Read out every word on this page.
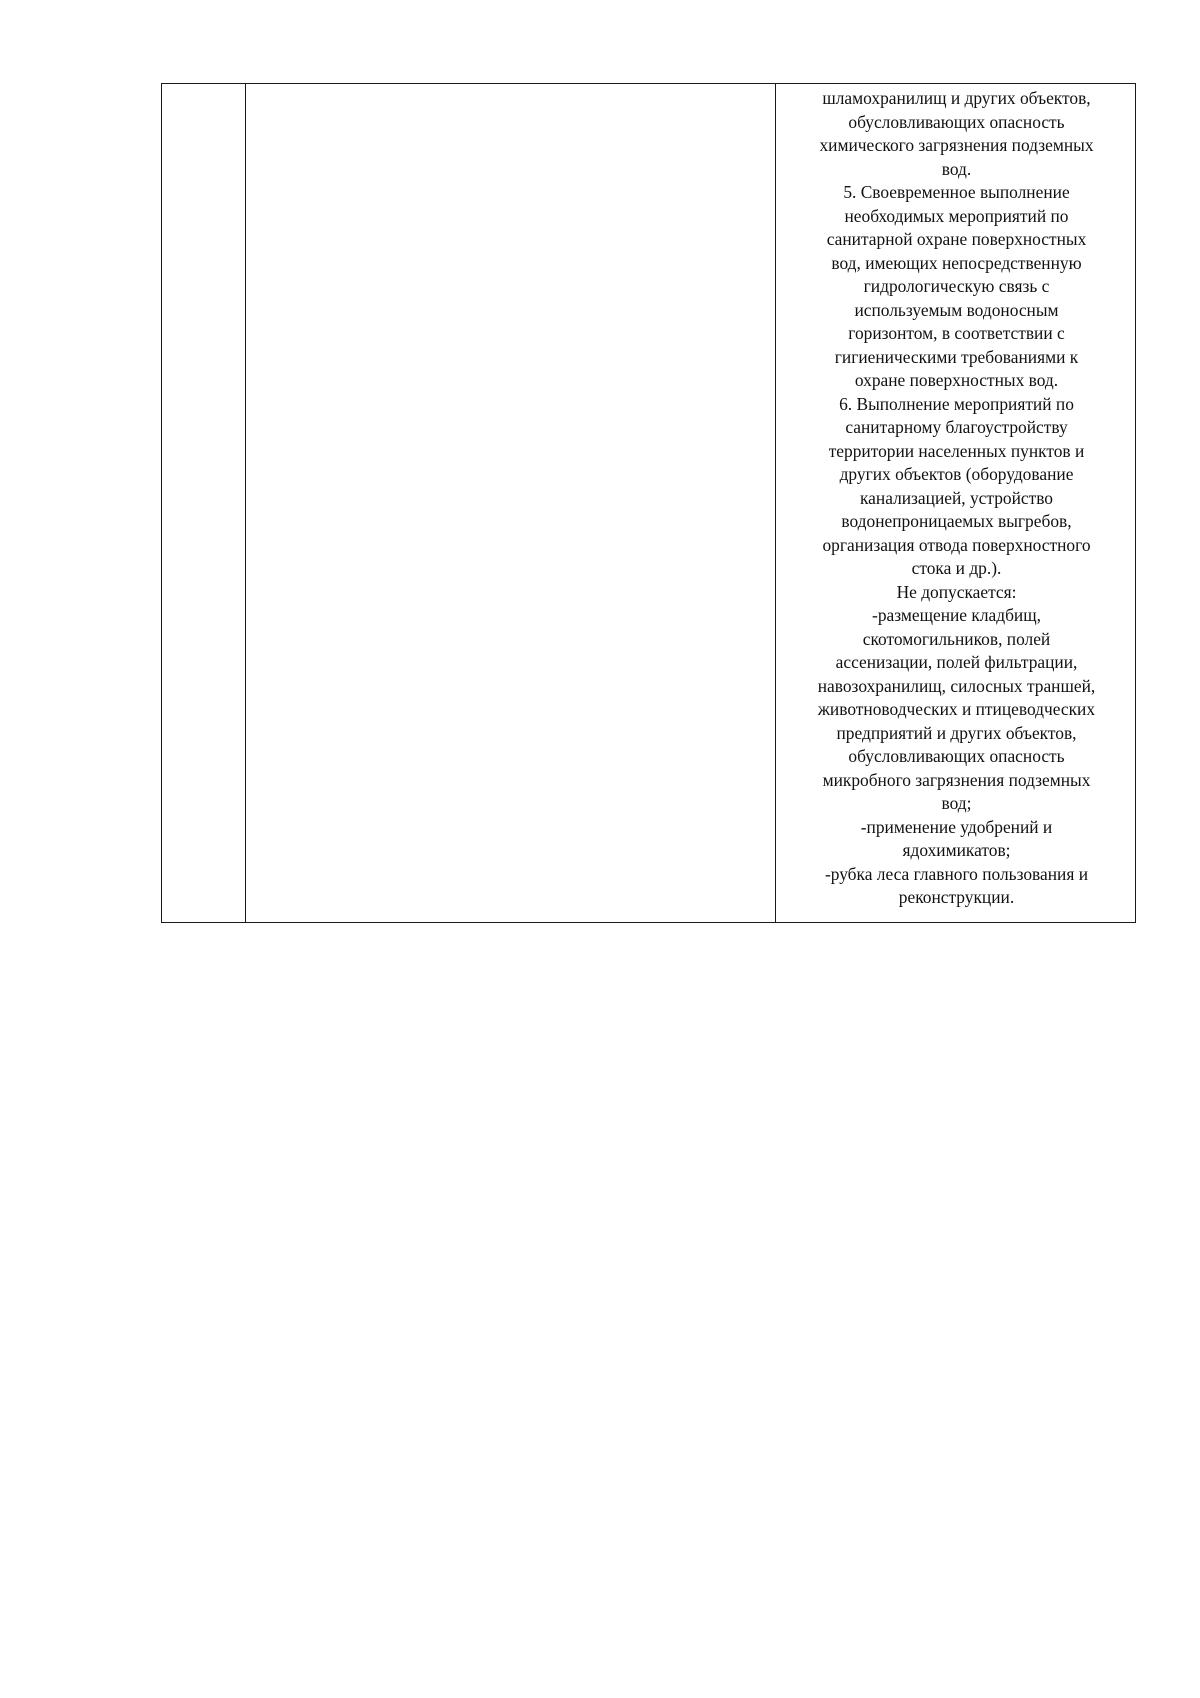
шламохранилищ и других объектов,
обусловливающих опасность
химического загрязнения подземных
вод.
5. Своевременное выполнение
необходимых мероприятий по
санитарной охране поверхностных
вод, имеющих непосредственную
гидрологическую связь с
используемым водоносным
горизонтом, в соответствии с
гигиеническими требованиями к
охране поверхностных вод.
6. Выполнение мероприятий по
санитарному благоустройству
территории населенных пунктов и
других объектов (оборудование
канализацией, устройство
водонепроницаемых выгребов,
организация отвода поверхностного
стока и др.).
Не допускается:
-размещение кладбищ,
скотомогильников, полей
ассенизации, полей фильтрации,
навозохранилищ, силосных траншей,
животноводческих и птицеводческих
предприятий и других объектов,
обусловливающих опасность
микробного загрязнения подземных
вод;
-применение удобрений и
ядохимикатов;
-рубка леса главного пользования и
реконструкции.
